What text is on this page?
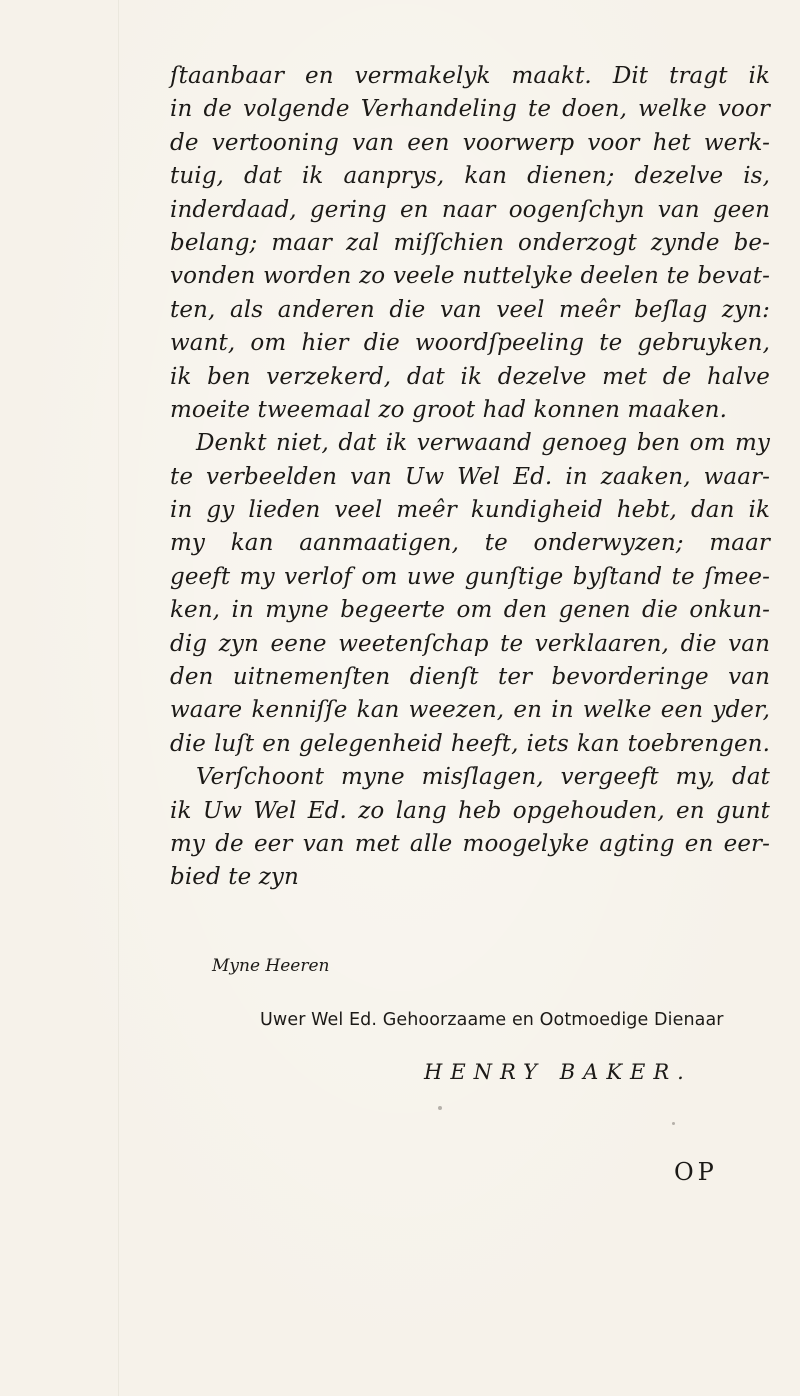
ſtaanbaar en vermakelyk maakt. Dit tragt ik
in de volgende Verhandeling te doen, welke voor
de vertooning van een voorwerp voor het werk-
tuig, dat ik aanprys, kan dienen; dezelve is,
inderdaad, gering en naar oogenſchyn van geen
belang; maar zal miſſchien onderzogt zynde be-
vonden worden zo veele nuttelyke deelen te bevat-
ten, als anderen die van veel meêr beſlag zyn:
want, om hier die woordſpeeling te gebruyken,
ik ben verzekerd, dat ik dezelve met de halve
moeite tweemaal zo groot had konnen maaken.
Denkt niet, dat ik verwaand genoeg ben om my
te verbeelden van Uw Wel Ed. in zaaken, waar-
in gy lieden veel meêr kundigheid hebt, dan ik
my kan aanmaatigen, te onderwyzen; maar
geeft my verlof om uwe gunſtige byſtand te ſmee-
ken, in myne begeerte om den genen die onkun-
dig zyn eene weetenſchap te verklaaren, die van
den uitnemenſten dienſt ter bevorderinge van
waare kenniſſe kan weezen, en in welke een yder,
die luſt en gelegenheid heeft, iets kan toebrengen.
Verſchoont myne misſlagen, vergeeft my, dat
ik Uw Wel Ed. zo lang heb opgehouden, en gunt
my de eer van met alle moogelyke agting en eer-
bied te zyn
Myne Heeren
Uwer Wel Ed. Gehoorzaame en Ootmoedige Dienaar
HENRY BAKER.
OP
